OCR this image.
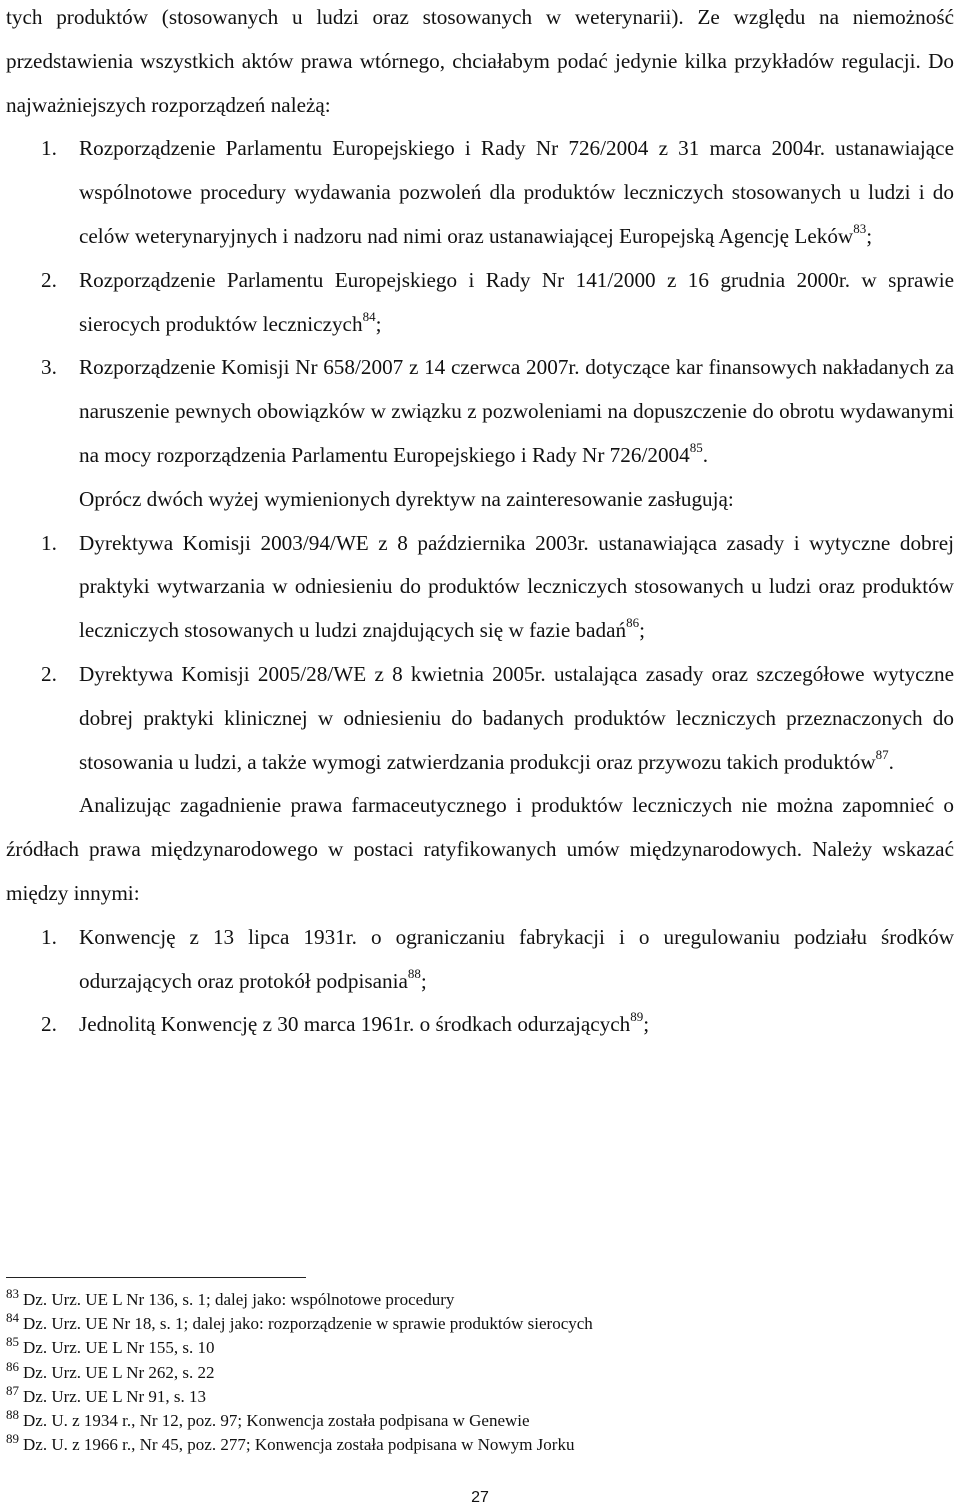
tych produktów (stosowanych u ludzi oraz stosowanych w weterynarii). Ze względu na niemożność przedstawienia wszystkich aktów prawa wtórnego, chciałabym podać jedynie kilka przykładów regulacji. Do najważniejszych rozporządzeń należą:

1. Rozporządzenie Parlamentu Europejskiego i Rady Nr 726/2004 z 31 marca 2004r. ustanawiające wspólnotowe procedury wydawania pozwoleń dla produktów leczniczych stosowanych u ludzi i do celów weterynaryjnych i nadzoru nad nimi oraz ustanawiającej Europejską Agencję Leków$^{83}$;
2. Rozporządzenie Parlamentu Europejskiego i Rady Nr 141/2000 z 16 grudnia 2000r. w sprawie sierocych produktów leczniczych$^{84}$;
3. Rozporządzenie Komisji Nr 658/2007 z 14 czerwca 2007r. dotyczące kar finansowych nakładanych za naruszenie pewnych obowiązków w związku z pozwoleniami na dopuszczenie do obrotu wydawanymi na mocy rozporządzenia Parlamentu Europejskiego i Rady Nr 726/2004$^{85}$.

Oprócz dwóch wyżej wymienionych dyrektyw na zainteresowanie zasługują:

1. Dyrektywa Komisji 2003/94/WE z 8 października 2003r. ustanawiająca zasady i wytyczne dobrej praktyki wytwarzania w odniesieniu do produktów leczniczych stosowanych u ludzi oraz produktów leczniczych stosowanych u ludzi znajdujących się w fazie badań$^{86}$;
2. Dyrektywa Komisji 2005/28/WE z 8 kwietnia 2005r. ustalająca zasady oraz szczegółowe wytyczne dobrej praktyki klinicznej w odniesieniu do badanych produktów leczniczych przeznaczonych do stosowania u ludzi, a także wymogi zatwierdzania produkcji oraz przywozu takich produktów$^{87}$.

Analizując zagadnienie prawa farmaceutycznego i produktów leczniczych nie można zapomnieć o źródłach prawa międzynarodowego w postaci ratyfikowanych umów międzynarodowych. Należy wskazać między innymi:

1. Konwencję z 13 lipca 1931r. o ograniczaniu fabrykacji i o uregulowaniu podziału środków odurzających oraz protokół podpisania$^{88}$;
2. Jednolitą Konwencję z 30 marca 1961r. o środkach odurzających$^{89}$;

83 Dz. Urz. UE L Nr 136, s. 1; dalej jako: wspólnotowe procedury

84 Dz. Urz. UE Nr 18, s. 1; dalej jako: rozporządzenie w sprawie produktów sierocych

85 Dz. Urz. UE L Nr 155, s. 10

86 Dz. Urz. UE L Nr 262, s. 22

87 Dz. Urz. UE L Nr 91, s. 13

88 Dz. U. z 1934 r., Nr 12, poz. 97; Konwencja została podpisana w Genewie

89 Dz. U. z 1966 r., Nr 45, poz. 277; Konwencja została podpisana w Nowym Jorku

27
